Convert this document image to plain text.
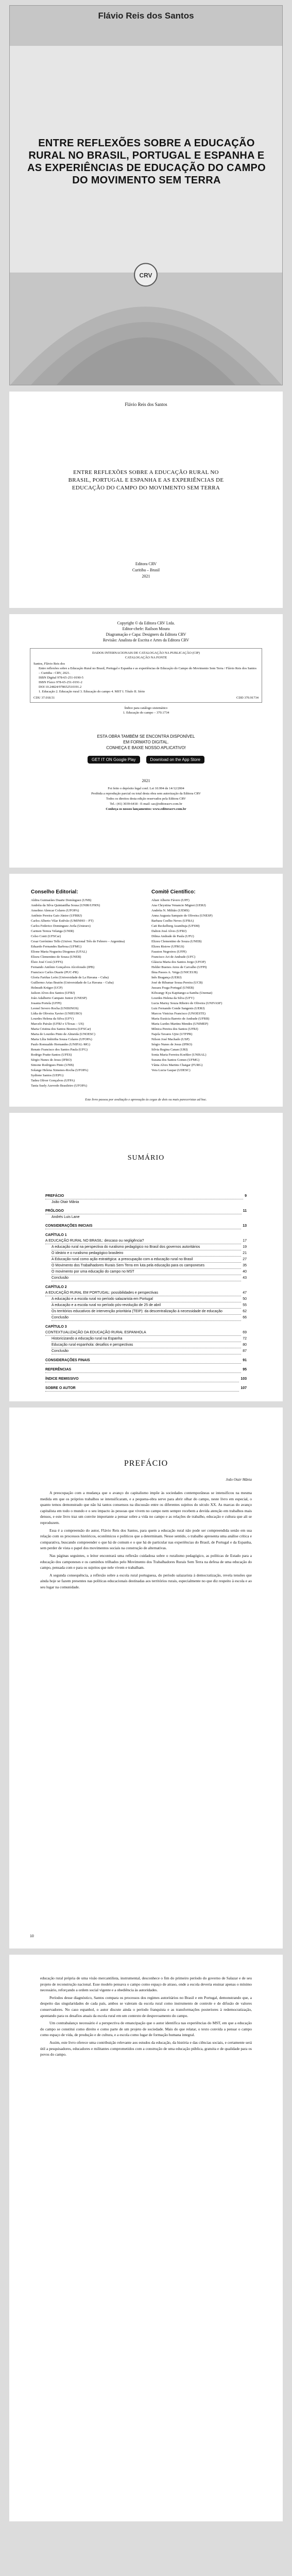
Flávio Reis dos Santos
ENTRE REFLEXÕES SOBRE A EDUCAÇÃO RURAL NO BRASIL, PORTUGAL E ESPANHA E AS EXPERIÊNCIAS DE EDUCAÇÃO DO CAMPO DO MOVIMENTO SEM TERRA
CRV
Flávio Reis dos Santos
ENTRE REFLEXÕES SOBRE A EDUCAÇÃO RURAL NO BRASIL, PORTUGAL E ESPANHA E AS EXPERIÊNCIAS DE EDUCAÇÃO DO CAMPO DO MOVIMENTO SEM TERRA
Editora CRV
Curitiba – Brasil
2021
Copyright © da Editora CRV Ltda.
Editor-chefe: Railson Moura
Diagramação e Capa: Designers da Editora CRV
Revisão: Analista de Escrita e Artes da Editora CRV
DADOS INTERNACIONAIS DE CATALOGAÇÃO NA PUBLICAÇÃO (CIP)
CATALOGAÇÃO NA FONTE
Santos, Flávio Reis dos
Entre reflexões sobre a Educação Rural no Brasil, Portugal e Espanha e as experiências de Educação do Campo do Movimento Sem Terra / Flávio Reis dos Santos – Curitiba : CRV, 2021.
ISBN Digital 978-65-251-0190-5
ISBN Físico 978-65-251-0191-2
DOI 10.24824/978652510191.2
1. Educação 2. Educação rural 3. Educação do campo 4. MST I. Título II. Série
CDU 37.018.51	CDD 370.91734
Índice para catálogo sistemático
1. Educação do campo – 370.1734
ESTA OBRA TAMBÉM SE ENCONTRA DISPONÍVEL
EM FORMATO DIGITAL.
CONHEÇA E BAIXE NOSSO APLICATIVO!
GET IT ON Google Play	Download on the App Store
2021
Foi feito o depósito legal conf. Lei 10.994 de 14/12/2004
Proibida a reprodução parcial ou total desta obra sem autorização da Editora CRV
Todos os direitos desta edição reservados pela Editora CRV
Tel.: (41) 3039-6418 - E-mail: sac@editoracrv.com.br
Conheça os nossos lançamentos: www.editoracrv.com.br
Conselho Editorial:
Aldira Guimarães Duarte Domínguez (UNB)
Andréia da Silva Quintanilha Sousa (UNIR/UFRN)
Anselmo Alencar Colares (UFOPA)
Antônio Pereira Gaio Júnior (UFRRJ)
Carlos Alberto Vilar Estêvão (UMINHO – PT)
Carlos Federico Dominguez Avila (Unieuro)
Carmen Tereza Velanga (UNIR)
Celso Conti (UFSCar)
Cesar Gerónimo Tello (Univer. Nacional Três de Febrero – Argentina)
Eduardo Fernandes Barbosa (UFMG)
Elione Maria Nogueira Diogenes (UFAL)
Elizeu Clementino de Souza (UNEB)
Élsio José Corá (UFFS)
Fernando Antônio Gonçalves Alcoforado (IPB)
Francisco Carlos Duarte (PUC-PR)
Gloria Fariñas León (Universidade de La Havana – Cuba)
Guillermo Arias Beatón (Universidade de La Havana – Cuba)
Helmuth Krüger (UCP)
Jailson Alves dos Santos (UFRJ)
João Adalberto Campato Junior (UNESP)
Josania Portela (UFPI)
Leonel Severo Rocha (UNISINOS)
Lídia de Oliveira Xavier (UNIEURO)
Lourdes Helena da Silva (UFV)
Marcelo Paixão (UFRJ e UTexas – US)
Maria Cristina dos Santos Bezerra (UFSCar)
Maria de Lourdes Pinto de Almeida (UNOESC)
Maria Lília Imbiriba Sousa Colares (UFOPA)
Paulo Romualdo Hernandes (UNIFAL-MG)
Renato Francisco dos Santos Paula (UFG)
Rodrigo Pratte-Santos (UFES)
Sérgio Nunes de Jesus (IFRO)
Simone Rodrigues Pinto (UNB)
Solange Helena Ximenes-Rocha (UFOPA)
Sydione Santos (UEPG)
Tadeu Oliver Gonçalves (UFPA)
Tania Suely Azevedo Brasileiro (UFOPA)
Comitê Científico:
Altair Alberto Fávero (UPF)
Ana Chrystina Venancio Mignot (UERJ)
Andréia N. Militão (UEMS)
Anna Augusta Sampaio de Oliveira (UNESP)
Barbara Coelho Neves (UFBA)
Cati Reckelberg Azambuja (UFSM)
Dalton José Alves (UFRJ)
Dilma Andrade de Paula (UFU)
Elizeu Clementino de Souza (UNEB)
Elizeu Ristow (UFRGS)
Fauston Negreiros (UFPI)
Francisco Ari de Andrade (UFC)
Gláucia Maria dos Santos Jorge (UFOP)
Helder Buenos Aires de Carvalho (UFPI)
Ilma Passos A. Veiga (UNICEUB)
Inês Bragança (UERJ)
José de Ribamar Sousa Pereira (UCB)
Jussara Fraga Portugal (UNEB)
Kilwangy Kya Kapitango-a-Samba (Unemat)
Lourdes Helena da Silva (UFV)
Lucia Marisy Souza Ribeiro de Oliveira (UNIVASF)
Luiz Fernando Conde Sangenis (UERJ)
Marcos Vinicius Francisco (UNOESTE)
Maria Eurácia Barreto de Andrade (UFRB)
Maria Lurdes Martins Mendes (UNIMEP)
Mônica Pereira dos Santos (UFRJ)
Najela Tavares Ujiie (UTFPR)
Nilson José Machado (USP)
Sérgio Nunes de Jesus (IFRO)
Silvia Regina Canan (URI)
Sonia Maria Ferreira Koehler (UNISAL)
Suzana dos Santos Gomes (UFMG)
Vânia Alves Martins Chaigar (FURG)
Vera Lucia Gaspar (UDESC)
Este livro passou por avaliação e aprovação às cegas de dois ou mais pareceristas ad hoc.
SUMÁRIO
PREFÁCIO	9
João Otair Mânia
PRÓLOGO	11
Andrés Luis Lane
CONSIDERAÇÕES INICIAIS	13
CAPÍTULO 1
A EDUCAÇÃO RURAL NO BRASIL: descaso ou negligência?	17
A educação rural na perspectiva do ruralismo pedagógico no Brasil dos governos autoritários	19
O ideário e o ruralismo pedagógico brasileiro	21
A Educação rural como ação estratégica: a preocupação com a educação rural no Brasil	27
O Movimento dos Trabalhadores Rurais Sem Terra em luta pela educação para os camponeses	35
O movimento por uma educação do campo no MST	40
Conclusão	43
CAPÍTULO 2
A EDUCAÇÃO RURAL EM PORTUGAL: possibilidades e perspectivas	47
A educação e a escola rural no período salazarista em Portugal	50
A educação e a escola rural no período pós-revolução de 25 de abril	55
Os territórios educativos de intervenção prioritária (TEIP): da descentralização à necessidade de educação	62
Conclusão	66
CAPÍTULO 3
CONTEXTUALIZAÇÃO DA EDUCAÇÃO RURAL ESPANHOLA	69
Historicizando a educação rural na Espanha	72
Educação rural espanhola: desafios e perspectivas	80
Conclusão	87
CONSIDERAÇÕES FINAIS	91
REFERÊNCIAS	95
ÍNDICE REMISSIVO	103
SOBRE O AUTOR	107
PREFÁCIO
João Otair Mânia

A preocupação com a mudança que o avanço do capitalismo impõe às sociedades contemporâneas se intensificou na mesma medida em que os próprios trabalhos se intensificaram, e a pequena-obra serve para abrir olhar do campo, neste livro em especial, o quanto temos demonstrado que não há tantos consensos na discussão entre os diferentes sujeitos do século XX. As marcas do avanço capitalista em todo o mundo e o seu impacto às pessoas que vivem no campo nem sempre recebem a devida atenção em trabalhos mais densos, e este livro traz um convite importante a pensar sobre a vida no campo e as relações de trabalho, educação e cultura que ali se reproduzem.

Essa é a compreensão do autor, Flávio Reis dos Santos, para quem a educação rural não pode ser compreendida senão em sua relação com os processos históricos, econômicos e políticos que a determinam. Nesse sentido, o trabalho apresenta uma análise crítica e comparativa, buscando compreender o que há de comum e o que há de particular nas experiências do Brasil, de Portugal e da Espanha, sem perder de vista o papel dos movimentos sociais na construção de alternativas.

Nas páginas seguintes, o leitor encontrará uma reflexão cuidadosa sobre o ruralismo pedagógico, as políticas de Estado para a educação dos camponeses e os caminhos trilhados pelo Movimento dos Trabalhadores Rurais Sem Terra na defesa de uma educação do campo, pensada com e para os sujeitos que nele vivem e trabalham.

A segunda consequência, a reflexão sobre a escola rural portuguesa, do período salazarista à democratização, revela tensões que ainda hoje se fazem presentes nas políticas educacionais destinadas aos territórios rurais, especialmente no que diz respeito à escola e ao seu lugar na comunidade.

10

educação rural própria de uma visão mercantilista, instrumental, desconhece o fim do primeiro período do governo de Salazar e de seu projeto de reconstrução nacional. Esse modelo pensava o campo como espaço de atraso, onde a escola deveria ensinar apenas o mínimo necessário, reforçando a ordem social vigente e a obediência às autoridades.

Períodos desse diagnóstico, Santos compara os processos dos regimes autoritários no Brasil e em Portugal, demonstrando que, a despeito das singularidades de cada país, ambos se valeram da escola rural como instrumento de controle e de difusão de valores conservadores. No caso espanhol, o autor discute ainda o período franquista e as transformações posteriores à redemocratização, apontando para os desafios atuais da escola rural em um contexto de despovoamento do campo.

Um contrabalanço necessário é a perspectiva de emancipação que o autor identifica nas experiências do MST, em que a educação do campo se constitui como direito e como parte de um projeto de sociedade. Mais do que relatar, o texto convida a pensar o campo como espaço de vida, de produção e de cultura, e a escola como lugar de formação humana integral.

Assim, este livro oferece uma contribuição relevante aos estudos da educação, da história e das ciências sociais, e certamente será útil a pesquisadores, educadores e militantes comprometidos com a construção de uma educação pública, gratuita e de qualidade para os povos do campo.
